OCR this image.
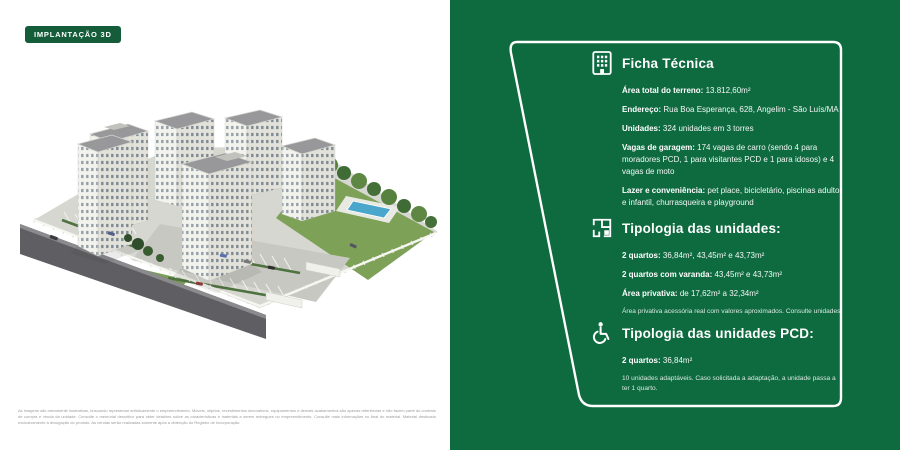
IMPLANTAÇÃO 3D

As imagens são meramente ilustrativas, buscando representar artisticamente o empreendimento. Móveis, objetos, revestimentos decorativos, equipamentos e demais acabamentos são apenas referências e não fazem parte do contrato de compra e venda da unidade. Consulte o memorial descritivo para obter detalhes sobre as características e materiais a serem entregues no empreendimento. Consulte mais informações no final do material. Material destinado exclusivamente à divulgação do produto. As vendas serão realizadas somente após a obtenção do Registro de Incorporação.

Ficha Técnica

Área total do terreno: 13.812,60m²

Endereço: Rua Boa Esperança, 628, Angelim - São Luís/MA

Unidades: 324 unidades em 3 torres

Vagas de garagem: 174 vagas de carro (sendo 4 para moradores PCD, 1 para visitantes PCD e 1 para idosos) e 4 vagas de moto

Lazer e conveniência: pet place, bicicletário, piscinas adulto e infantil, churrasqueira e playground

Tipologia das unidades:

2 quartos: 36,84m², 43,45m² e 43,73m²

2 quartos com varanda: 43,45m² e 43,73m²

Área privativa: de 17,62m² a 32,34m²

Área privativa acessória real com valores aproximados. Consulte unidades.

Tipologia das unidades PCD:

2 quartos: 36,84m²

10 unidades adaptáveis. Caso solicitada a adaptação, a unidade passa a ter 1 quarto.
